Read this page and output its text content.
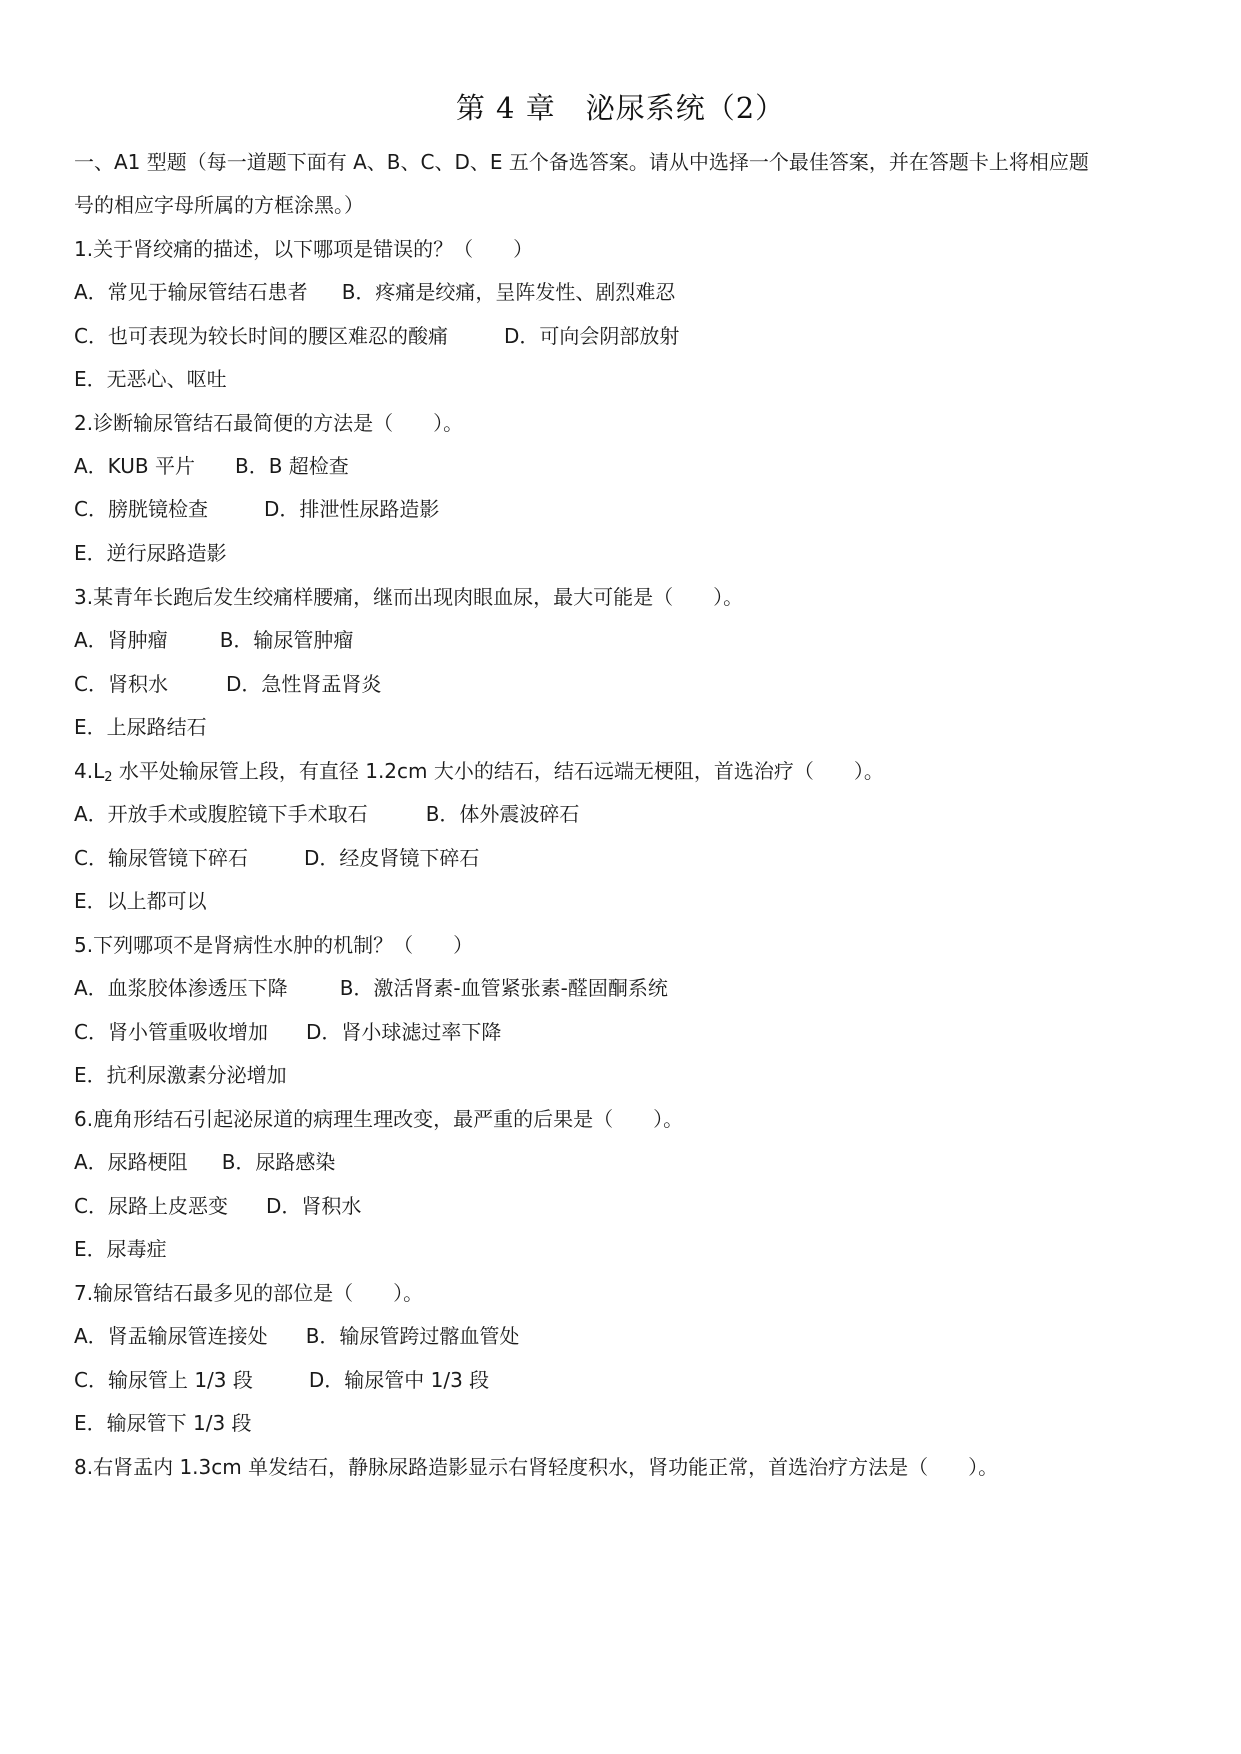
第 4 章　泌尿系统（2）
一、A1 型题（每一道题下面有 A、B、C、D、E 五个备选答案。请从中选择一个最佳答案，并在答题卡上将相应题
号的相应字母所属的方框涂黑。）
1.关于肾绞痛的描述，以下哪项是错误的？（　　）
A．常见于输尿管结石患者 B．疼痛是绞痛，呈阵发性、剧烈难忍
C．也可表现为较长时间的腰区难忍的酸痛	D．可向会阴部放射
E．无恶心、呕吐
2.诊断输尿管结石最简便的方法是（　　）。
A．KUB 平片 B．B 超检查
C．膀胱镜检查	D．排泄性尿路造影
E．逆行尿路造影
3.某青年长跑后发生绞痛样腰痛，继而出现肉眼血尿，最大可能是（　　）。
A．肾肿瘤	B．输尿管肿瘤
C．肾积水	D．急性肾盂肾炎
E．上尿路结石
$4.L_2$ 水平处输尿管上段，有直径 1.2cm 大小的结石，结石远端无梗阻，首选治疗（　　）。
A．开放手术或腹腔镜下手术取石	B．体外震波碎石
C．输尿管镜下碎石	D．经皮肾镜下碎石
E．以上都可以
5.下列哪项不是肾病性水肿的机制？（　　）
A．血浆胶体渗透压下降	B．激活肾素-血管紧张素-醛固酮系统
C．肾小管重吸收增加 D．肾小球滤过率下降
E．抗利尿激素分泌增加
6.鹿角形结石引起泌尿道的病理生理改变，最严重的后果是（　　）。
A．尿路梗阻 B．尿路感染
C．尿路上皮恶变 D．肾积水
E．尿毒症
7.输尿管结石最多见的部位是（　　）。
A．肾盂输尿管连接处 B．输尿管跨过髂血管处
C．输尿管上 1/3 段	D．输尿管中 1/3 段
E．输尿管下 1/3 段
8.右肾盂内 1.3cm 单发结石，静脉尿路造影显示右肾轻度积水，肾功能正常，首选治疗方法是（　　）。
